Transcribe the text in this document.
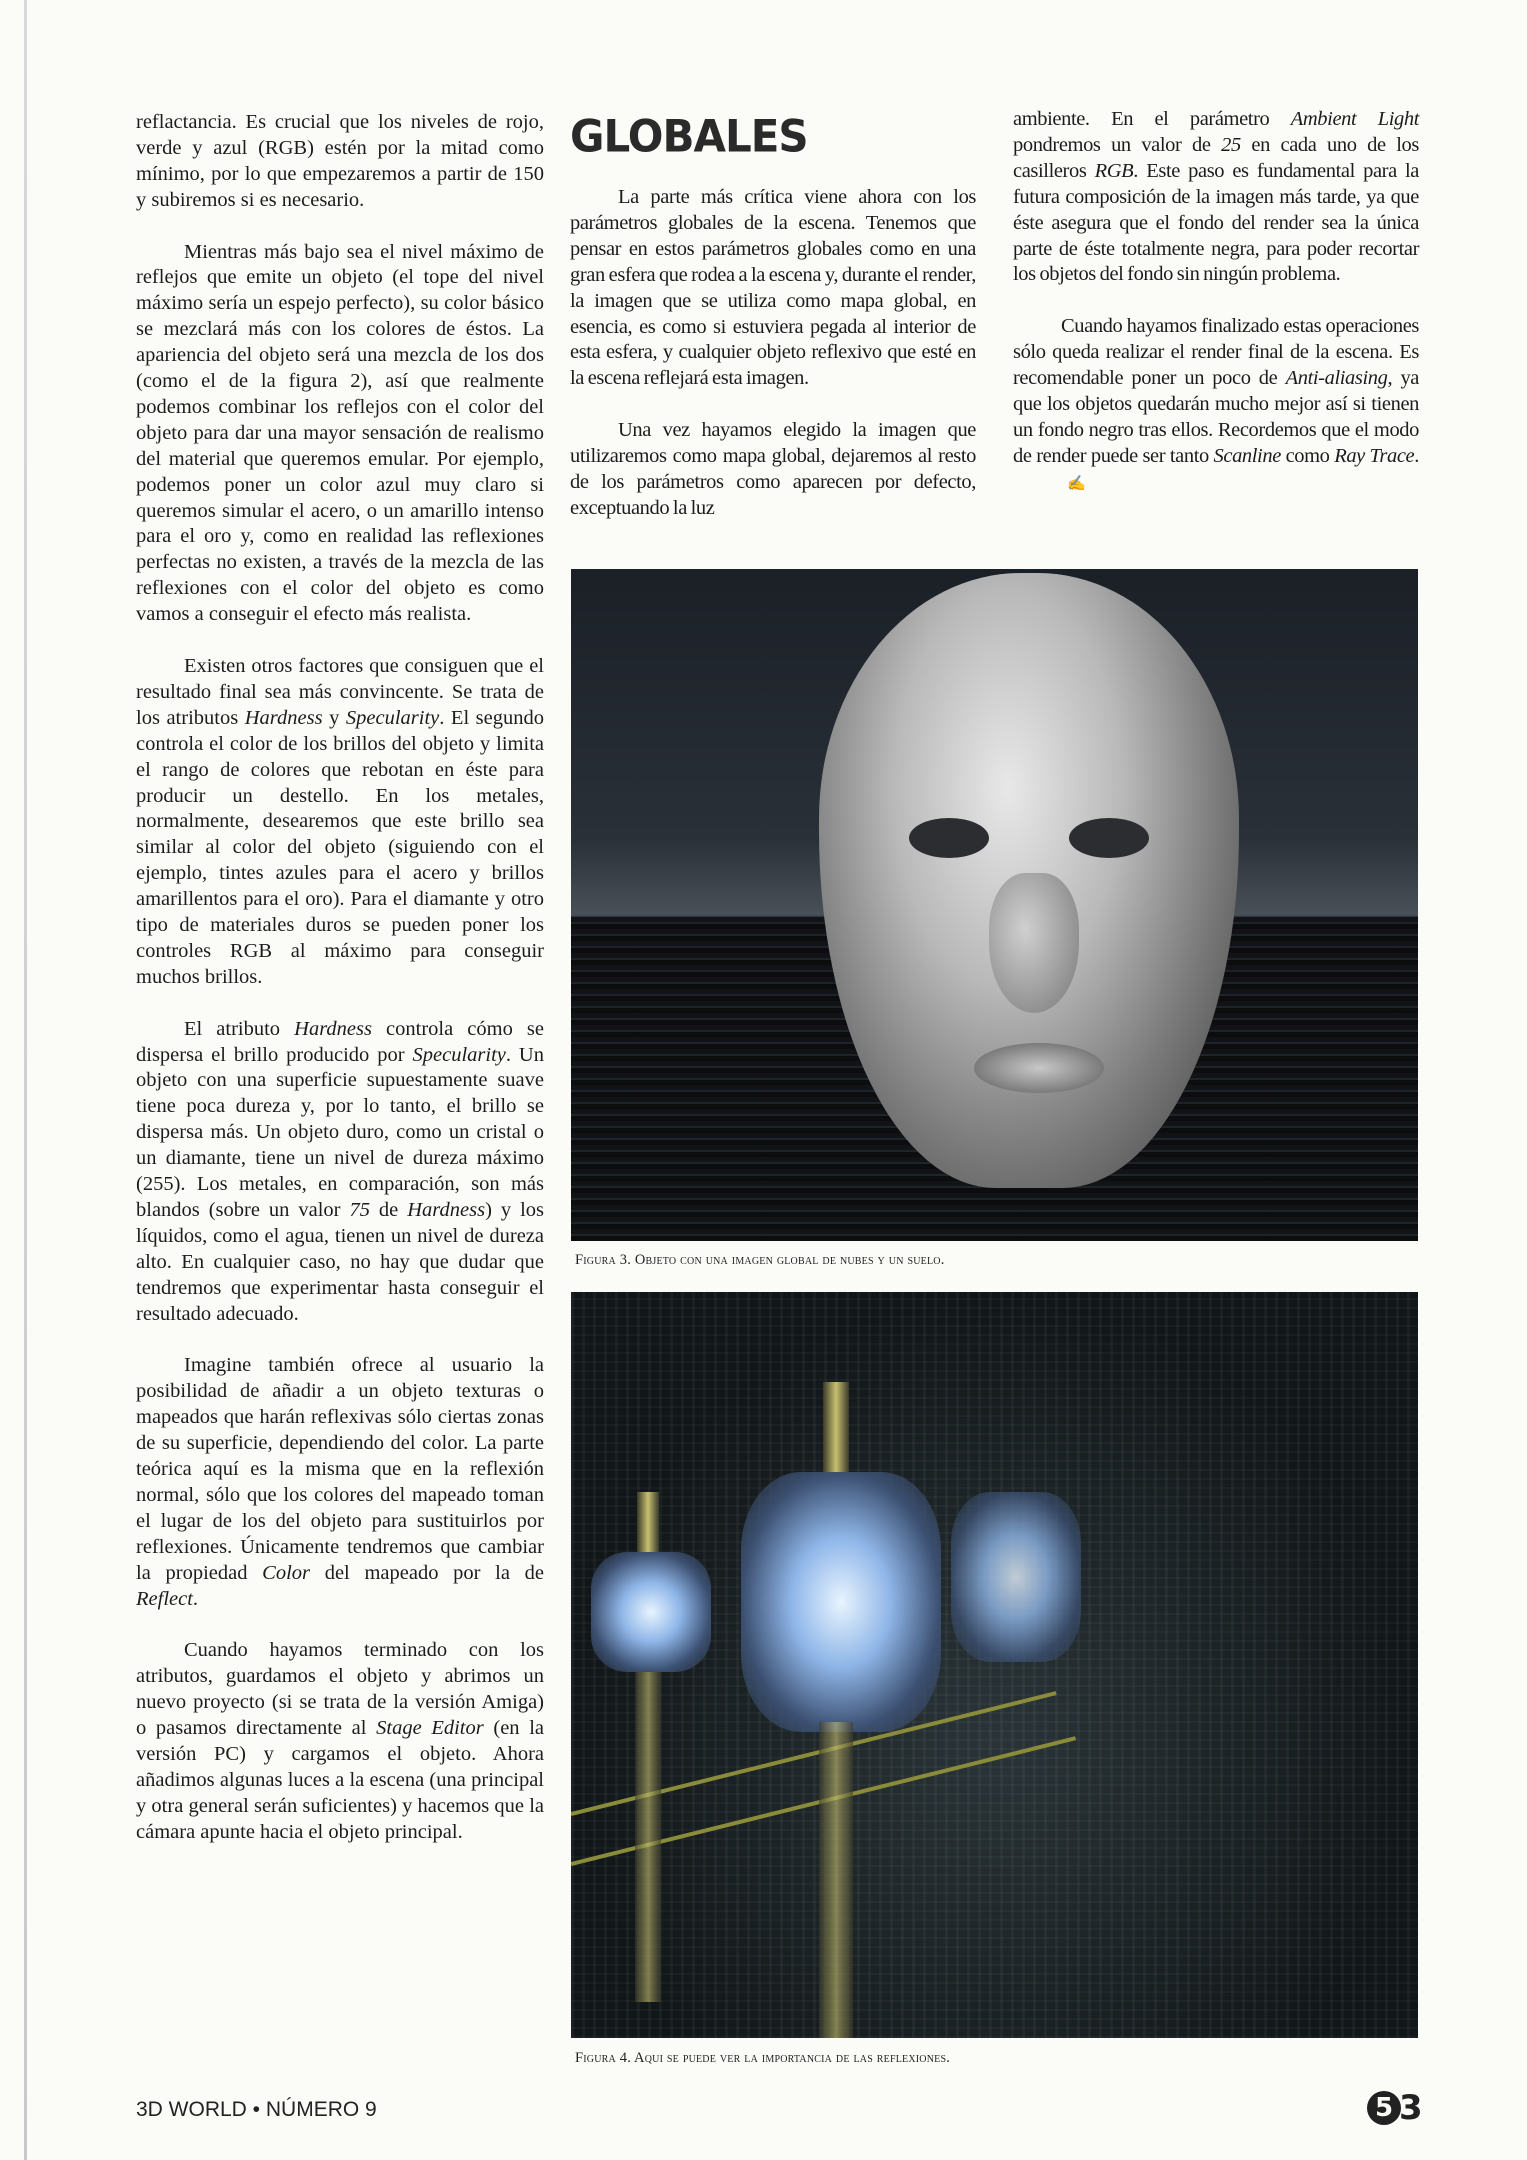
GLOBALES

reflactancia. Es crucial que los niveles de rojo, verde y azul (RGB) estén por la mitad como mínimo, por lo que empezaremos a partir de 150 y subiremos si es necesario.

Mientras más bajo sea el nivel máximo de reflejos que emite un objeto (el tope del nivel máximo sería un espejo perfecto), su color básico se mezclará más con los colores de éstos. La apariencia del objeto será una mezcla de los dos (como el de la figura 2), así que realmente podemos combinar los reflejos con el color del objeto para dar una mayor sensación de realismo del material que queremos emular. Por ejemplo, podemos poner un color azul muy claro si queremos simular el acero, o un amarillo intenso para el oro y, como en realidad las reflexiones perfectas no existen, a través de la mezcla de las reflexiones con el color del objeto es como vamos a conseguir el efecto más realista.

Existen otros factores que consiguen que el resultado final sea más convincente. Se trata de los atributos Hardness y Specularity. El segundo controla el color de los brillos del objeto y limita el rango de colores que rebotan en éste para producir un destello. En los metales, normalmente, desearemos que este brillo sea similar al color del objeto (siguiendo con el ejemplo, tintes azules para el acero y brillos amarillentos para el oro). Para el diamante y otro tipo de materiales duros se pueden poner los controles RGB al máximo para conseguir muchos brillos.

El atributo Hardness controla cómo se dispersa el brillo producido por Specularity. Un objeto con una superficie supuestamente suave tiene poca dureza y, por lo tanto, el brillo se dispersa más. Un objeto duro, como un cristal o un diamante, tiene un nivel de dureza máximo (255). Los metales, en comparación, son más blandos (sobre un valor 75 de Hardness) y los líquidos, como el agua, tienen un nivel de dureza alto. En cualquier caso, no hay que dudar que tendremos que experimentar hasta conseguir el resultado adecuado.

Imagine también ofrece al usuario la posibilidad de añadir a un objeto texturas o mapeados que harán reflexivas sólo ciertas zonas de su superficie, dependiendo del color. La parte teórica aquí es la misma que en la reflexión normal, sólo que los colores del mapeado toman el lugar de los del objeto para sustituirlos por reflexiones. Únicamente tendremos que cambiar la propiedad Color del mapeado por la de Reflect.

Cuando hayamos terminado con los atributos, guardamos el objeto y abrimos un nuevo proyecto (si se trata de la versión Amiga) o pasamos directamente al Stage Editor (en la versión PC) y cargamos el objeto. Ahora añadimos algunas luces a la escena (una principal y otra general serán suficientes) y hacemos que la cámara apunte hacia el objeto principal.

La parte más crítica viene ahora con los parámetros globales de la escena. Tenemos que pensar en estos parámetros globales como en una gran esfera que rodea a la escena y, durante el render, la imagen que se utiliza como mapa global, en esencia, es como si estuviera pegada al interior de esta esfera, y cualquier objeto reflexivo que esté en la escena reflejará esta imagen.

Una vez hayamos elegido la imagen que utilizaremos como mapa global, dejaremos al resto de los parámetros como aparecen por defecto, exceptuando la luz

ambiente. En el parámetro Ambient Light pondremos un valor de 25 en cada uno de los casilleros RGB. Este paso es fundamental para la futura composición de la imagen más tarde, ya que éste asegura que el fondo del render sea la única parte de éste totalmente negra, para poder recortar los objetos del fondo sin ningún problema.

Cuando hayamos finalizado estas operaciones sólo queda realizar el render final de la escena. Es recomendable poner un poco de Anti-aliasing, ya que los objetos quedarán mucho mejor así si tienen un fondo negro tras ellos. Recordemos que el modo de render puede ser tanto Scanline como Ray Trace.✍

Figura 3. Objeto con una imagen global de nubes y un suelo.
Figura 4. Aqui se puede ver la importancia de las reflexiones.
3D WORLD • NÚMERO 9	5 3
